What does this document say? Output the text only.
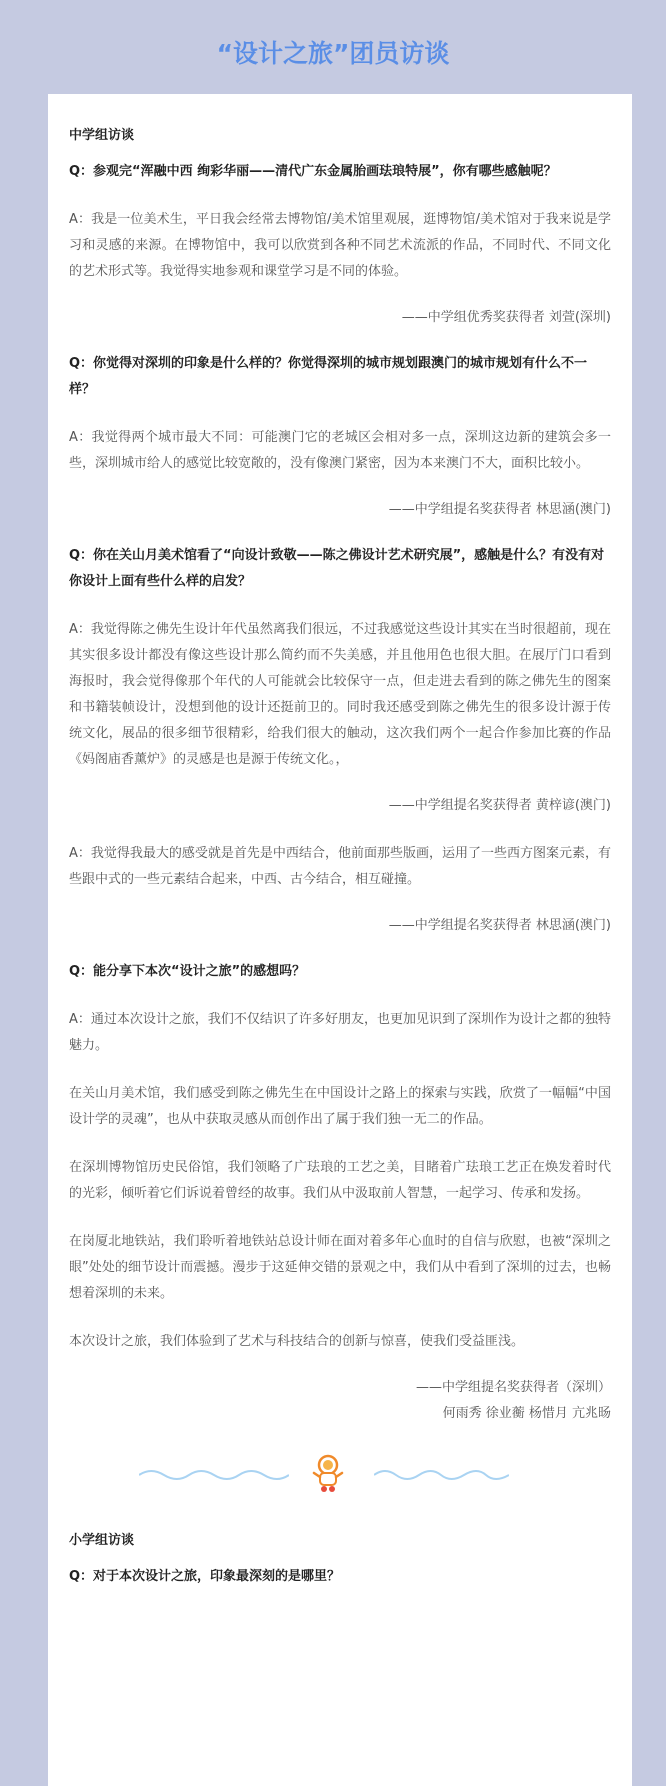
“设计之旅”团员访谈
中学组访谈
Q：参观完“浑融中西 绚彩华丽——清代广东金属胎画珐琅特展”，你有哪些感触呢？
A：我是一位美术生，平日我会经常去博物馆/美术馆里观展，逛博物馆/美术馆对于我来说是学习和灵感的来源。在博物馆中，我可以欣赏到各种不同艺术流派的作品，不同时代、不同文化的艺术形式等。我觉得实地参观和课堂学习是不同的体验。
——中学组优秀奖获得者 刘萱(深圳)
Q：你觉得对深圳的印象是什么样的？你觉得深圳的城市规划跟澳门的城市规划有什么不一样？
A：我觉得两个城市最大不同：可能澳门它的老城区会相对多一点，深圳这边新的建筑会多一些，深圳城市给人的感觉比较宽敞的，没有像澳门紧密，因为本来澳门不大，面积比较小。
——中学组提名奖获得者 林思涵(澳门)
Q：你在关山月美术馆看了“向设计致敬——陈之佛设计艺术研究展”，感触是什么？有没有对你设计上面有些什么样的启发？
A：我觉得陈之佛先生设计年代虽然离我们很远，不过我感觉这些设计其实在当时很超前，现在其实很多设计都没有像这些设计那么简约而不失美感，并且他用色也很大胆。在展厅门口看到海报时，我会觉得像那个年代的人可能就会比较保守一点，但走进去看到的陈之佛先生的图案和书籍装帧设计，没想到他的设计还挺前卫的。同时我还感受到陈之佛先生的很多设计源于传统文化，展品的很多细节很精彩，给我们很大的触动，这次我们两个一起合作参加比赛的作品《妈阁庙香薰炉》的灵感是也是源于传统文化。，
——中学组提名奖获得者 黄梓谚(澳门)
A：我觉得我最大的感受就是首先是中西结合，他前面那些版画，运用了一些西方图案元素，有些跟中式的一些元素结合起来，中西、古今结合，相互碰撞。
——中学组提名奖获得者 林思涵(澳门)
Q：能分享下本次“设计之旅”的感想吗？
A：通过本次设计之旅，我们不仅结识了许多好朋友，也更加见识到了深圳作为设计之都的独特魅力。
在关山月美术馆，我们感受到陈之佛先生在中国设计之路上的探索与实践，欣赏了一幅幅“中国设计学的灵魂”，也从中获取灵感从而创作出了属于我们独一无二的作品。
在深圳博物馆历史民俗馆，我们领略了广珐琅的工艺之美，目睹着广珐琅工艺正在焕发着时代的光彩，倾听着它们诉说着曾经的故事。我们从中汲取前人智慧，一起学习、传承和发扬。
在岗厦北地铁站，我们聆听着地铁站总设计师在面对着多年心血时的自信与欣慰，也被“深圳之眼”处处的细节设计而震撼。漫步于这延伸交错的景观之中，我们从中看到了深圳的过去，也畅想着深圳的未来。
本次设计之旅，我们体验到了艺术与科技结合的创新与惊喜，使我们受益匪浅。
——中学组提名奖获得者（深圳）
何雨秀 徐业蘅 杨惜月 亢兆旸
小学组访谈
Q：对于本次设计之旅，印象最深刻的是哪里？
